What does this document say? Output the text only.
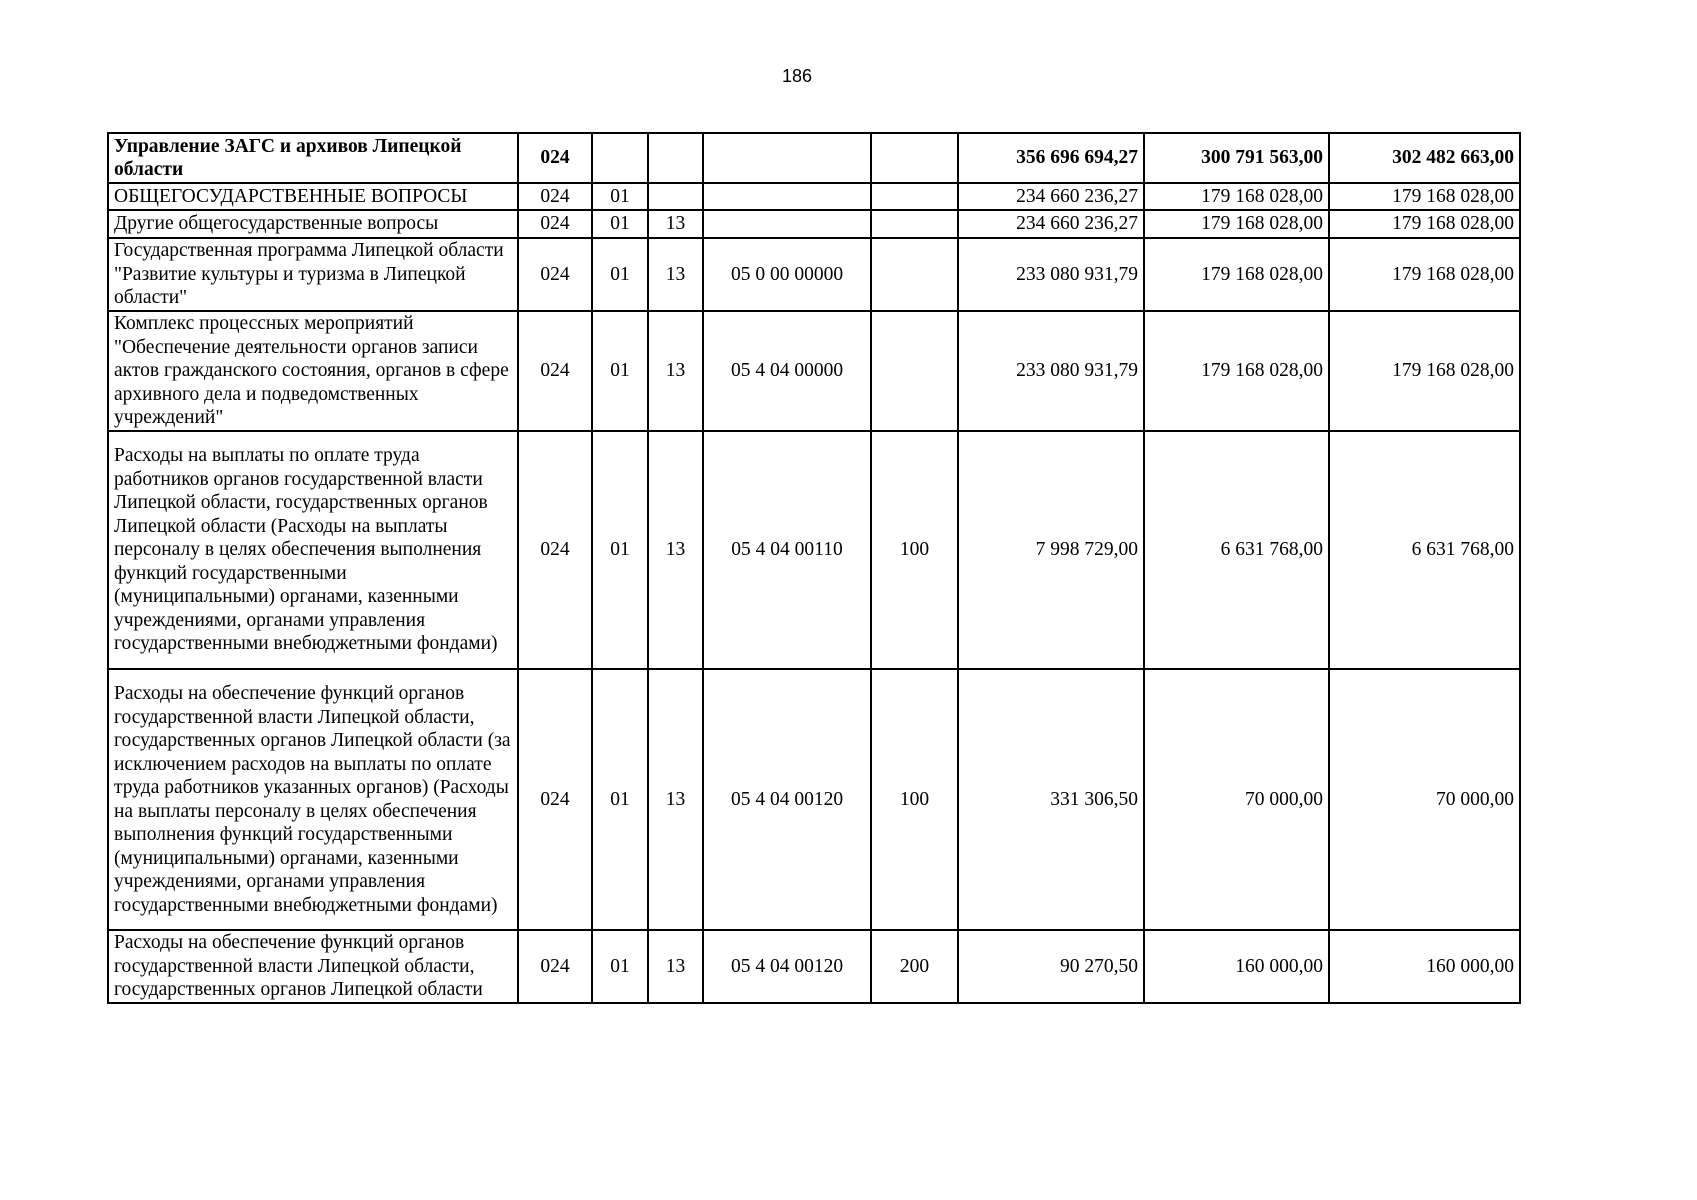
186
Управление ЗАГС и архивов Липецкой области	024					356 696 694,27	300 791 563,00	302 482 663,00
ОБЩЕГОСУДАРСТВЕННЫЕ ВОПРОСЫ	024	01				234 660 236,27	179 168 028,00	179 168 028,00
Другие общегосударственные вопросы	024	01	13			234 660 236,27	179 168 028,00	179 168 028,00
Государственная программа Липецкой области "Развитие культуры и туризма в Липецкой области"	024	01	13	05 0 00 00000		233 080 931,79	179 168 028,00	179 168 028,00
Комплекс процессных мероприятий "Обеспечение деятельности органов записи актов гражданского состояния, органов в сфере архивного дела и подведомственных учреждений"	024	01	13	05 4 04 00000		233 080 931,79	179 168 028,00	179 168 028,00
Расходы на выплаты по оплате труда работников органов государственной власти Липецкой области, государственных органов Липецкой области (Расходы на выплаты персоналу в целях обеспечения выполнения функций государственными (муниципальными) органами, казенными учреждениями, органами управления государственными внебюджетными фондами)	024	01	13	05 4 04 00110	100	7 998 729,00	6 631 768,00	6 631 768,00
Расходы на обеспечение функций органов государственной власти Липецкой области, государственных органов Липецкой области (за исключением расходов на выплаты по оплате труда работников указанных органов) (Расходы на выплаты персоналу в целях обеспечения выполнения функций государственными (муниципальными) органами, казенными учреждениями, органами управления государственными внебюджетными фондами)	024	01	13	05 4 04 00120	100	331 306,50	70 000,00	70 000,00
Расходы на обеспечение функций органов государственной власти Липецкой области, государственных органов Липецкой области	024	01	13	05 4 04 00120	200	90 270,50	160 000,00	160 000,00
